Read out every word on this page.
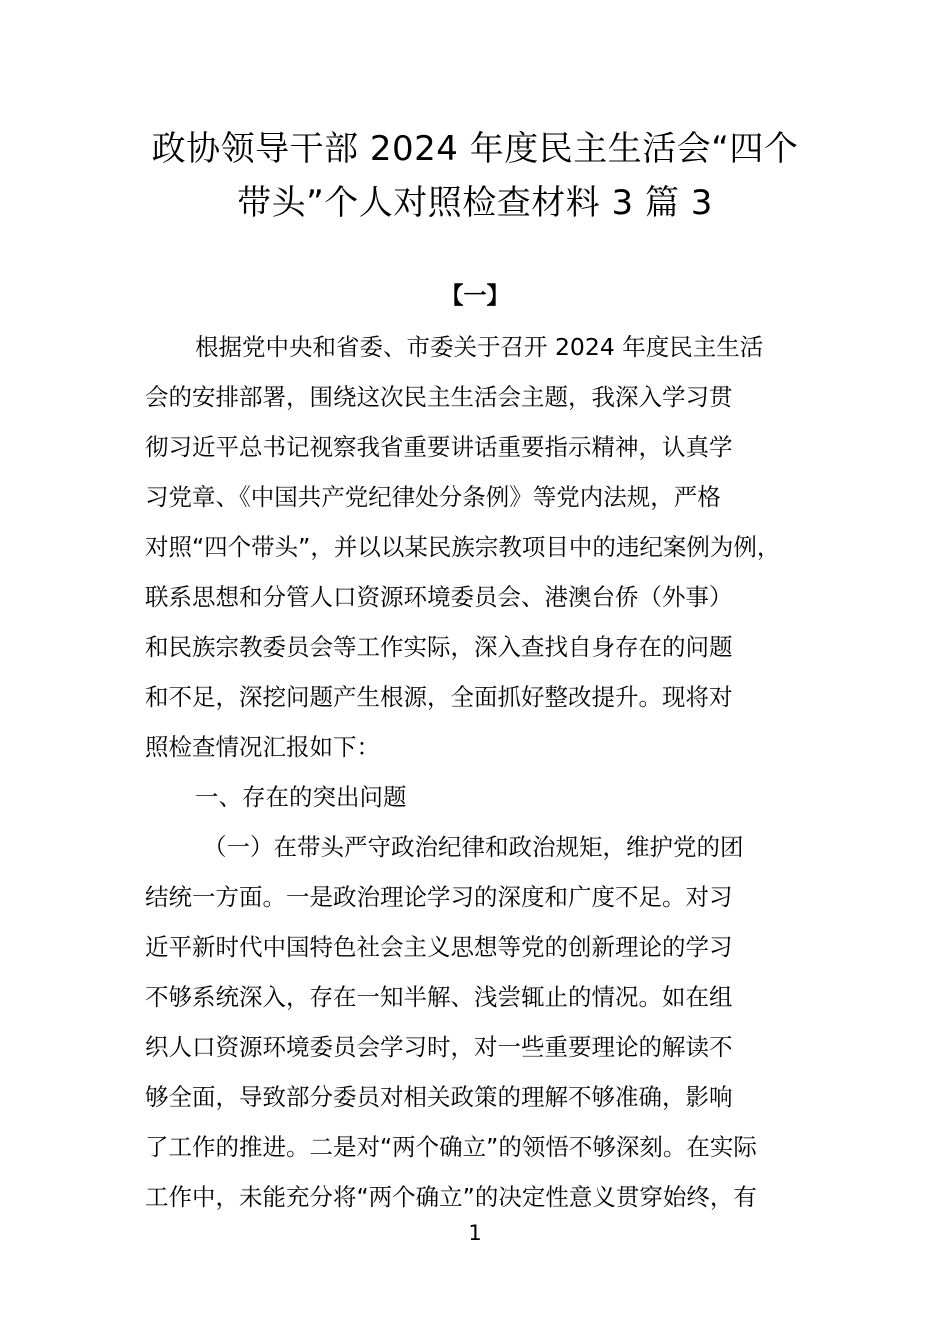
政协领导干部 2024 年度民主生活会“四个
带头”个人对照检查材料 3 篇 3
【一】
根据党中央和省委、市委关于召开 2024 年度民主生活
会的安排部署，围绕这次民主生活会主题，我深入学习贯
彻习近平总书记视察我省重要讲话重要指示精神，认真学
习党章、《中国共产党纪律处分条例》等党内法规，严格
对照“四个带头”，并以以某民族宗教项目中的违纪案例为例，
联系思想和分管人口资源环境委员会、港澳台侨（外事）
和民族宗教委员会等工作实际，深入查找自身存在的问题
和不足，深挖问题产生根源，全面抓好整改提升。现将对
照检查情况汇报如下：
一、存在的突出问题
（一）在带头严守政治纪律和政治规矩，维护党的团
结统一方面。一是政治理论学习的深度和广度不足。对习
近平新时代中国特色社会主义思想等党的创新理论的学习
不够系统深入，存在一知半解、浅尝辄止的情况。如在组
织人口资源环境委员会学习时，对一些重要理论的解读不
够全面，导致部分委员对相关政策的理解不够准确，影响
了工作的推进。二是对“两个确立”的领悟不够深刻。在实际
工作中，未能充分将“两个确立”的决定性意义贯穿始终，有
1
